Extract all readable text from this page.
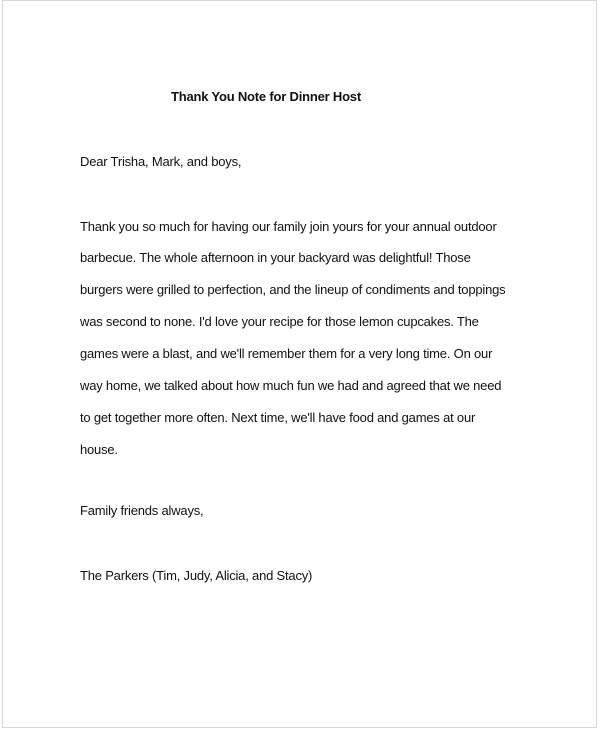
Thank You Note for Dinner Host
Dear Trisha, Mark, and boys,
Thank you so much for having our family join yours for your annual outdoor
barbecue. The whole afternoon in your backyard was delightful! Those
burgers were grilled to perfection, and the lineup of condiments and toppings
was second to none. I'd love your recipe for those lemon cupcakes. The
games were a blast, and we'll remember them for a very long time. On our
way home, we talked about how much fun we had and agreed that we need
to get together more often. Next time, we'll have food and games at our
house.
Family friends always,
The Parkers (Tim, Judy, Alicia, and Stacy)
